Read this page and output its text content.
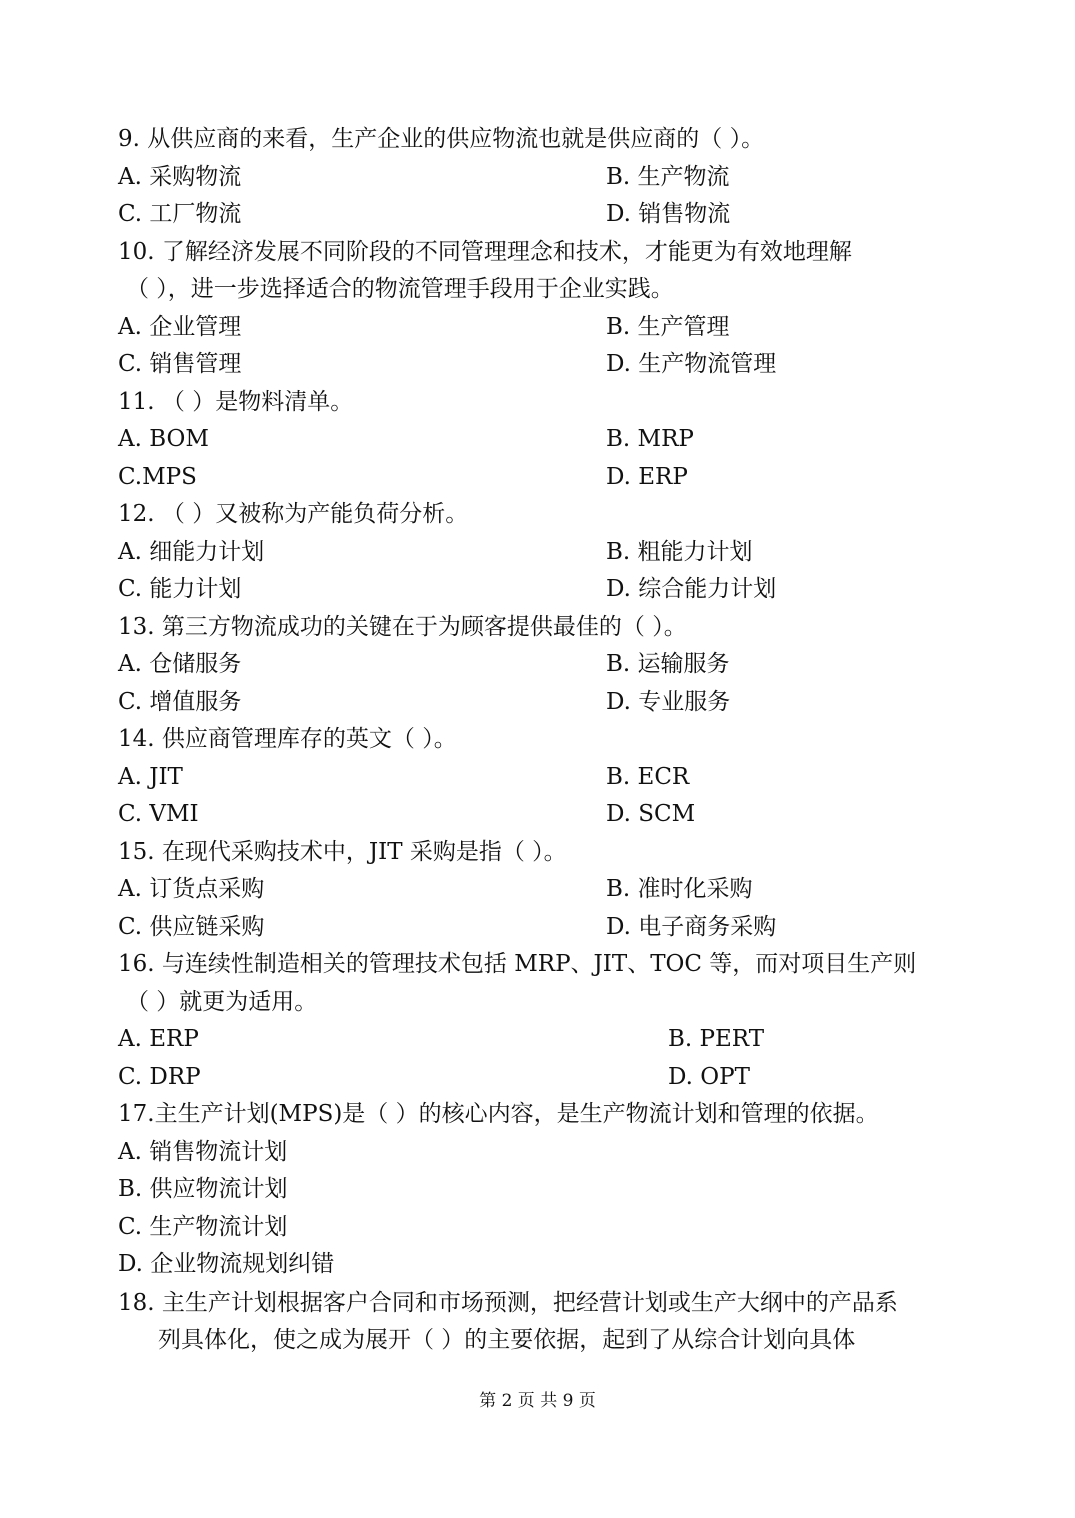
9. 从供应商的来看，生产企业的供应物流也就是供应商的（ ）。
A. 采购物流	B. 生产物流
C. 工厂物流	D. 销售物流
10. 了解经济发展不同阶段的不同管理理念和技术，才能更为有效地理解
（ ），进一步选择适合的物流管理手段用于企业实践。
A. 企业管理	B. 生产管理
C. 销售管理	D. 生产物流管理
11. （ ）是物料清单。
A. BOM	B. MRP
C.MPS	D. ERP
12. （ ）又被称为产能负荷分析。
A. 细能力计划	B. 粗能力计划
C. 能力计划	D. 综合能力计划
13. 第三方物流成功的关键在于为顾客提供最佳的（ ）。
A. 仓储服务	B. 运输服务
C. 增值服务	D. 专业服务
14. 供应商管理库存的英文（ ）。
A. JIT	B. ECR
C. VMI	D. SCM
15. 在现代采购技术中，JIT 采购是指（ ）。
A. 订货点采购	B. 准时化采购
C. 供应链采购	D. 电子商务采购
16. 与连续性制造相关的管理技术包括 MRP、JIT、TOC 等，而对项目生产则
（ ）就更为适用。
A. ERP	B. PERT
C. DRP	D. OPT
17.主生产计划(MPS)是（ ）的核心内容，是生产物流计划和管理的依据。
A. 销售物流计划
B. 供应物流计划
C. 生产物流计划
D. 企业物流规划纠错
18. 主生产计划根据客户合同和市场预测，把经营计划或生产大纲中的产品系
列具体化，使之成为展开（ ）的主要依据，起到了从综合计划向具体
第 2 页 共 9 页
